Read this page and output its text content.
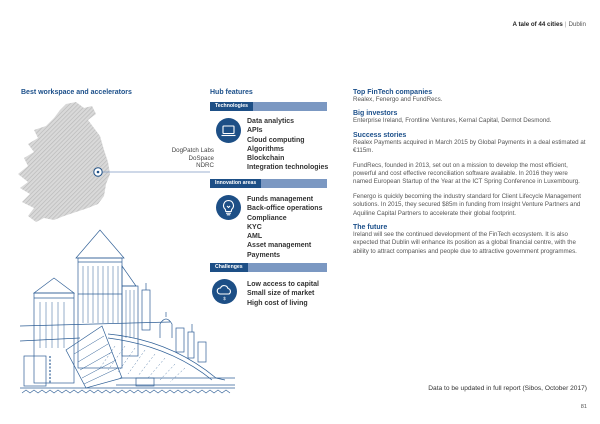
A tale of 44 cities | Dublin
Best workspace and accelerators
DogPatch Labs
DoSpace
NDRC
Hub features
Technologies
Data analytics
APIs
Cloud computing
Algorithms
Blockchain
Integration technologies
Innovation areas
Funds management
Back-office operations
Compliance
KYC
AML
Asset management
Payments
Challenges
$
Low access to capital
Small size of market
High cost of living
Top FinTech companies

Realex, Fenergo and FundRecs.

Big investors

Enterprise Ireland, Frontline Ventures, Kernal Capital, Dermot Desmond.

Success stories

Realex Payments acquired in March 2015 by Global Payments in a deal estimated at €115m.

FundRecs, founded in 2013, set out on a mission to develop the most efficient, powerful and cost effective reconciliation software available. In 2016 they were named European Startup of the Year at the ICT Spring Conference in Luxembourg.

Fenergo is quickly becoming the industry standard for Client Lifecycle Management solutions. In 2015, they secured $85m in funding from Insight Venture Partners and Aquiline Capital Partners to accelerate their global footprint.

The future

Ireland will see the continued development of the FinTech ecosystem. It is also expected that Dublin will enhance its position as a global financial centre, with the ability to attract companies and people due to attractive government programmes.

Data to be updated in full report (Sibos, October 2017)
81
